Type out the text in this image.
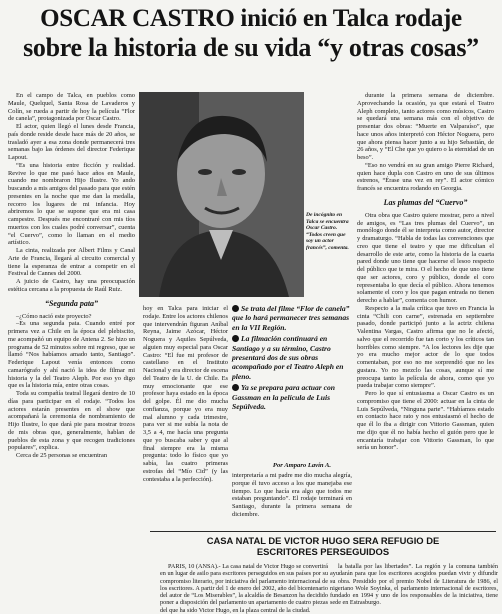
OSCAR CASTRO inició en Talca rodaje
sobre la historia de su vida “y otras cosas”

En el campo de Talca, en pueblos como Maule, Quelquel, Santa Rosa de Lavaderos y Colín, se rueda a partir de hoy la película “Flor de canela”, protagonizada por Oscar Castro.

El actor, quien llegó el lunes desde Francia, país donde reside desde hace más de 20 años, se trasladó ayer a esa zona donde permanecerá tres semanas bajo las órdenes del director Federique Lapout.

“Es una historia entre ficción y realidad. Revive lo que me pasó hace años en Maule, cuando me nombraron Hijo Ilustre. Yo ando buscando a mis amigos del pasado para que estén presentes en la noche que me dan la medalla, recorro los lugares de mi infancia. Hoy abriremos lo que se supone que era mi casa campestre. Después me encontraré con mis tíos muertos con los cuales podré conversar”, cuenta “el Cuervo”, como lo llaman en el medio artístico.

La cinta, realizada por Albert Films y Canal Arte de Francia, llegará al circuito comercial y tiene la esperanza de entrar a competir en el Festival de Cannes del 2000.

A juicio de Castro, hay una preocupación estética cercana a la propuesta de Raúl Ruiz.

“Segunda pata”

–¿Cómo nació este proyecto?

–Es una segunda pata. Cuando entré por primera vez a Chile en la época del plebiscito, me acompañó un equipo de Antena 2. Se hizo un programa de 52 minutos sobre mi regreso, que se llamó “Nos habíamos amado tanto, Santiago”. Federique Lapout venía entonces como camarógrafo y ahí nació la idea de filmar mi historia y la del Teatro Aleph. Por eso yo digo que es la historia mía, entre otras cosas.

Toda su compañía teatral llegará dentro de 10 días para participar en el rodaje. “Todos los actores estarán presentes en el show que acompañará la ceremonia de nombramiento de Hijo Ilustre, lo que dará pie para mostrar trozos de mis obras que, generalmente, hablan de pueblos de esta zona y que recogen tradiciones populares”, explica.

Cerca de 25 personas se encuentran

De incógnito en Talca se encuentra Oscar Castro. “Todos creen que soy un actor francés”, comenta.

hoy en Talca para iniciar el rodaje. Entre los actores chilenos que intervendrán figuran Aníbal Reyna, Jaime Azócar, Héctor Noguera y Aquiles Sepúlveda, alguien muy especial para Oscar Castro: “El fue mi profesor de castellano en el Instituto Nacional y era director de escena del Teatro de la U. de Chile. Es muy emocionante que ese profesor haya estado en la época del golpe. Él me dio mucha confianza, porque yo era muy mal alumno y cada trimestre, para ver si me subía la nota de 3,5 a 4, me hacía una pregunta que yo buscaba saber y que al final siempre era la misma pregunta: todo lo físico que yo sabía, las cuatro primeras estrofas del “Mío Cid” (y las contestaba a la perfección).

Se trata del filme “Flor de canela” que lo hará permanecer tres semanas en la VII Región.
La filmación continuará en Santiago y a su término, Castro presentará dos de sus obras acompañado por el Teatro Aleph en pleno.
Ya se prepara para actuar con Gassman en la película de Luis Sepúlveda.
Por Amparo Lavín A.
interpretaría a mi padre me dio mucha alegría, porque él tuvo acceso a los que manejaba ese tiempo. Lo que hacía era algo que todos me estaban preguntando”. El rodaje terminará en Santiago, durante la primera semana de diciembre.

durante la primera semana de diciembre. Aprovechando la ocasión, ya que estará el Teatro Aleph completo, tanto actores como músicos, Castro se quedará una semana más con el objetivo de presentar dos obras: “Muerte en Valparaíso”, que hace unos años interpretó con Héctor Noguera, pero que ahora piensa hacer junto a su hijo Sebastián, de 26 años, y “El Che que yo quiero o la eternidad de un beso”.

“Eso no vendrá en su gran amigo Pierre Richard, quien hace dupla con Castro en uno de sus últimos estrenos, “Érase una vez en rey”. El actor cómico francés se encuentra rodando en Georgia.

Las plumas del “Cuervo”

Otra obra que Castro quiere mostrar, pero a nivel de amigos, es “Las tres plumas del Cuervo”, un monólogo donde él se interpreta como autor, director y dramaturgo. “Habla de todas las convenciones que creo que tiene el teatro y que me dificultan el desarrollo de este arte, como la historia de la cuarta pared donde uno tiene que hacerse el lesoo respecto del público que te mira. O el hecho de que uno tiene que ser actores, coro y público, donde el coro representaba lo que decía el público. Ahora tenemos solamente el coro y los que pagan entrada no tienen derecho a hablar”, comenta con humor.

Respecto a la mala crítica que tuvo en Francia la cinta “Chili con carne”, estrenada en septiembre pasado, donde participó junto a la actriz chilena Valentina Vargas, Castro afirma que no le afectó, salvo que el recorrido fue tan corto y los críticos tan horribles como siempre. “A los lectores les dije que yo era mucho mejor actor de lo que todos comentaban, por eso no me sorprendió que no les gustara. Yo no mezclo las cosas, aunque sí me preocupa tanto la película de ahora, como que yo pueda trabajar como siempre”.

Pero lo que sí entusiasma a Oscar Castro es un compromiso que tiene el 2000: actuar en la cinta de Luis Sepúlveda, “Ninguna parte”. “Habíamos estado en contacto hace rato y nos entusiasmó el hecho de que él lo iba a dirigir con Vittorio Gassman, quien me dijo que él no había hecho el guión pero que le encantaría trabajar con Vittorio Gassman, lo que sería un honor”.

CASA NATAL DE VICTOR HUGO SERA REFUGIO DE
ESCRITORES PERSEGUIDOS

PARIS, 10 (ANSA).- La casa natal de Victor Hugo se convertirá en un lugar de asilo para escritores perseguidos en sus países por su compromiso literario, por iniciativa del parlamento internacional de los escritores. A partir del 1 de enero del 2002, año del bicentenario del autor de “Los Miserables”, la alcaldía de Besanzon ha decidido poner a disposición del parlamento un apartamento de cuatro piezas del que ha sido Victor Hugo, en la plaza central de la ciudad.

la batalla por las libertades”. La región y la comuna también ayudarán para que los escritores acogidos puedan vivir y difundir su obra. Presidido por el premio Nobel de Literatura de 1986, el nigeriano Wole Soyinka, el parlamento internacional de escritores, fundado en 1994 y uno de los responsables de la iniciativa, tiene sede en Estrasburgo.
